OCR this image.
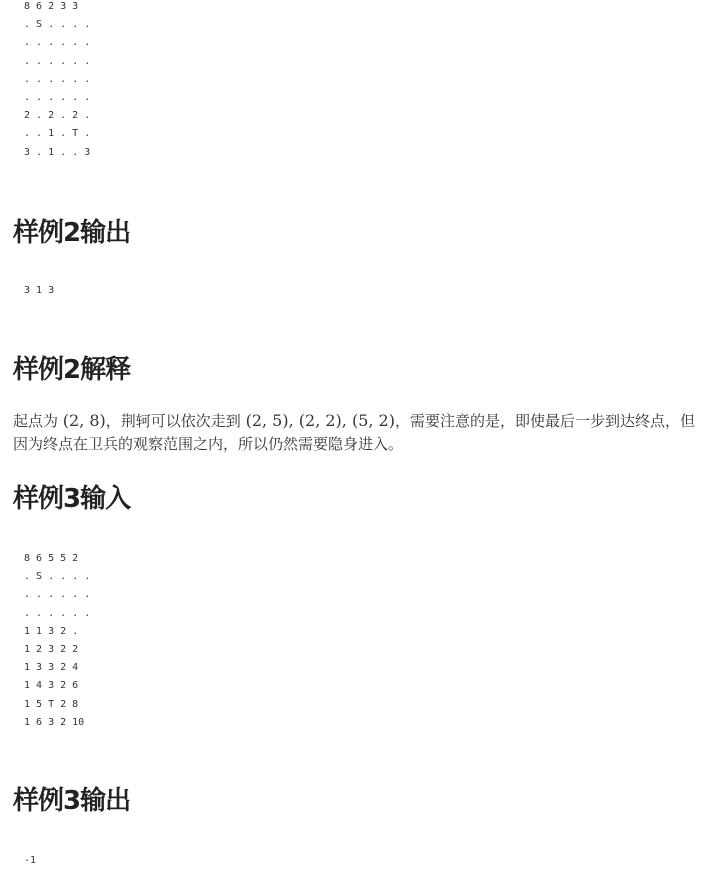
8 6 2 3 3
. S . . . .
. . . . . .
. . . . . .
. . . . . .
. . . . . .
2 . 2 . 2 .
. . 1 . T .
3 . 1 . . 3
样例2输出
3 1 3
样例2解释

起点为 (2, 8)，荆轲可以依次走到 (2, 5), (2, 2), (5, 2)，需要注意的是，即使最后一步到达终点，但因为终点在卫兵的观察范围之内，所以仍然需要隐身进入。

样例3输入
8 6 5 5 2
. S . . . .
. . . . . .
. . . . . .
1 1 3 2 .
1 2 3 2 2
1 3 3 2 4
1 4 3 2 6
1 5 T 2 8
1 6 3 2 10
样例3输出
-1
